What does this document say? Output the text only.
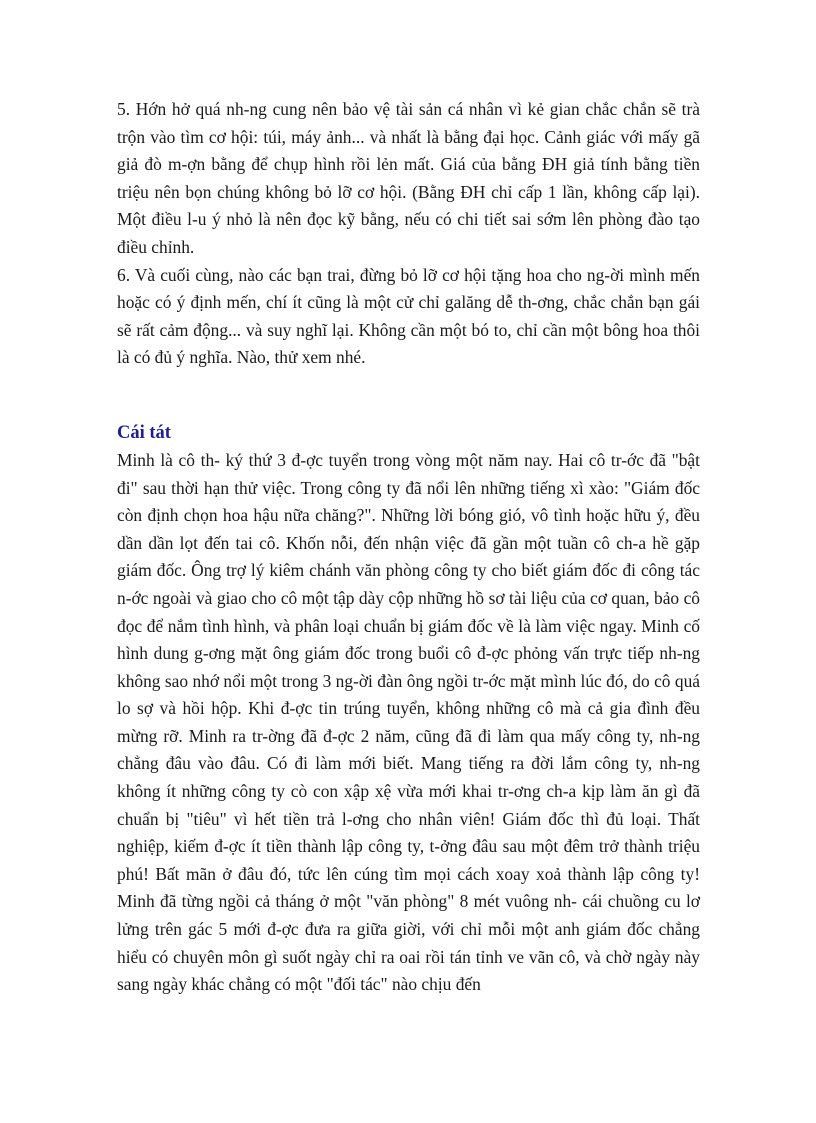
5. Hớn hở quá nh-ng cung nên bảo vệ tài sản cá nhân vì kẻ gian chắc chắn sẽ trà trộn vào tìm cơ hội: túi, máy ảnh... và nhất là bằng đại học. Cảnh giác với mấy gã giả đò m-ợn bằng để chụp hình rồi lẻn mất. Giá của bằng ĐH giả tính bằng tiền triệu nên bọn chúng không bỏ lỡ cơ hội. (Bằng ĐH chỉ cấp 1 lần, không cấp lại). Một điều l-u ý nhỏ là nên đọc kỹ bằng, nếu có chi tiết sai sớm lên phòng đào tạo điều chỉnh.

6. Và cuối cùng, nào các bạn trai, đừng bỏ lỡ cơ hội tặng hoa cho ng-ời mình mến hoặc có ý định mến, chí ít cũng là một cử chỉ galăng dễ th-ơng, chắc chắn bạn gái sẽ rất cảm động... và suy nghĩ lại. Không cần một bó to, chỉ cần một bông hoa thôi là có đủ ý nghĩa. Nào, thử xem nhé.

Cái tát

Minh là cô th- ký thứ 3 đ-ợc tuyển trong vòng một năm nay. Hai cô tr-ớc đã "bật đi" sau thời hạn thử việc. Trong công ty đã nổi lên những tiếng xì xào: "Giám đốc còn định chọn hoa hậu nữa chăng?". Những lời bóng gió, vô tình hoặc hữu ý, đều dần dần lọt đến tai cô. Khốn nỗi, đến nhận việc đã gần một tuần cô ch-a hề gặp giám đốc. Ông trợ lý kiêm chánh văn phòng công ty cho biết giám đốc đi công tác n-ớc ngoài và giao cho cô một tập dày cộp những hồ sơ tài liệu của cơ quan, bảo cô đọc để nắm tình hình, và phân loại chuẩn bị giám đốc về là làm việc ngay. Minh cố hình dung g-ơng mặt ông giám đốc trong buổi cô đ-ợc phỏng vấn trực tiếp nh-ng không sao nhớ nổi một trong 3 ng-ời đàn ông ngồi tr-ớc mặt mình lúc đó, do cô quá lo sợ và hồi hộp. Khi đ-ợc tin trúng tuyển, không những cô mà cả gia đình đều mừng rỡ. Minh ra tr-ờng đã đ-ợc 2 năm, cũng đã đi làm qua mấy công ty, nh-ng chẳng đâu vào đâu. Có đi làm mới biết. Mang tiếng ra đời lắm công ty, nh-ng không ít những công ty cò con xập xệ vừa mới khai tr-ơng ch-a kịp làm ăn gì đã chuẩn bị "tiêu" vì hết tiền trả l-ơng cho nhân viên! Giám đốc thì đủ loại. Thất nghiệp, kiếm đ-ợc ít tiền thành lập công ty, t-ởng đâu sau một đêm trở thành triệu phú! Bất mãn ở đâu đó, tức lên cúng tìm mọi cách xoay xoả thành lập công ty! Minh đã từng ngồi cả tháng ở một "văn phòng" 8 mét vuông nh- cái chuồng cu lơ lửng trên gác 5 mới đ-ợc đưa ra giữa giời, với chỉ mỗi một anh giám đốc chẳng hiểu có chuyên môn gì suốt ngày chỉ ra oai rồi tán tỉnh ve vãn cô, và chờ ngày này sang ngày khác chẳng có một "đối tác" nào chịu đến
